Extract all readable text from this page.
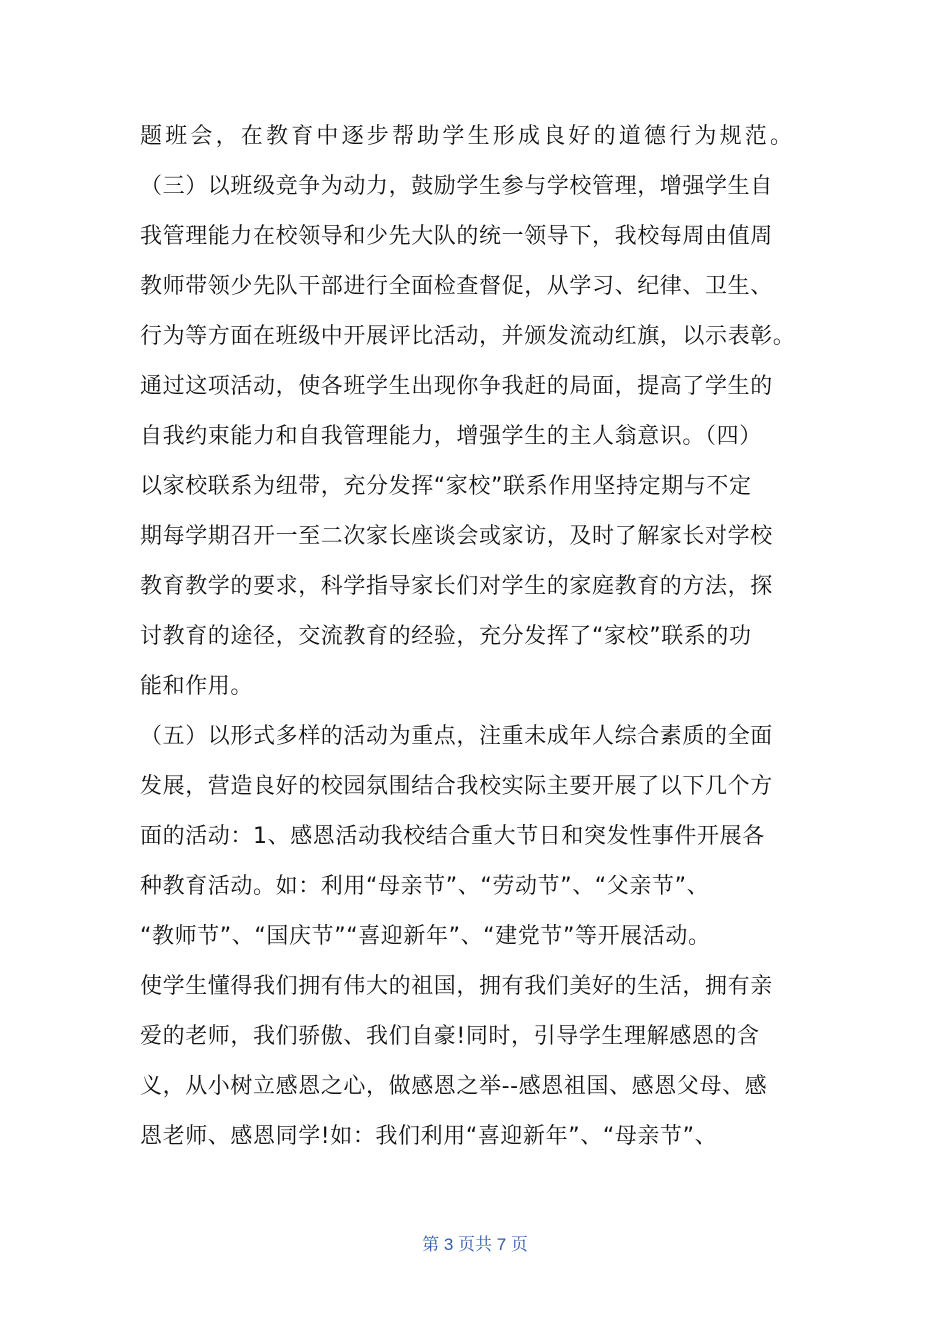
题班会，在教育中逐步帮助学生形成良好的道德行为规范。
（三）以班级竞争为动力，鼓励学生参与学校管理，增强学生自
我管理能力在校领导和少先大队的统一领导下，我校每周由值周
教师带领少先队干部进行全面检查督促，从学习、纪律、卫生、
行为等方面在班级中开展评比活动，并颁发流动红旗，以示表彰。
通过这项活动，使各班学生出现你争我赶的局面，提高了学生的
自我约束能力和自我管理能力，增强学生的主人翁意识。（四）
以家校联系为纽带，充分发挥“家校”联系作用坚持定期与不定
期每学期召开一至二次家长座谈会或家访，及时了解家长对学校
教育教学的要求，科学指导家长们对学生的家庭教育的方法，探
讨教育的途径，交流教育的经验，充分发挥了“家校”联系的功
能和作用。
（五）以形式多样的活动为重点，注重未成年人综合素质的全面
发展，营造良好的校园氛围结合我校实际主要开展了以下几个方
面的活动：1、感恩活动我校结合重大节日和突发性事件开展各
种教育活动。如：利用“母亲节”、“劳动节”、“父亲节”、
“教师节”、“国庆节”“喜迎新年”、“建党节”等开展活动。
使学生懂得我们拥有伟大的祖国，拥有我们美好的生活，拥有亲
爱的老师，我们骄傲、我们自豪!同时，引导学生理解感恩的含
义，从小树立感恩之心，做感恩之举--感恩祖国、感恩父母、感
恩老师、感恩同学!如：我们利用“喜迎新年”、“母亲节”、
第 3 页共 7 页
